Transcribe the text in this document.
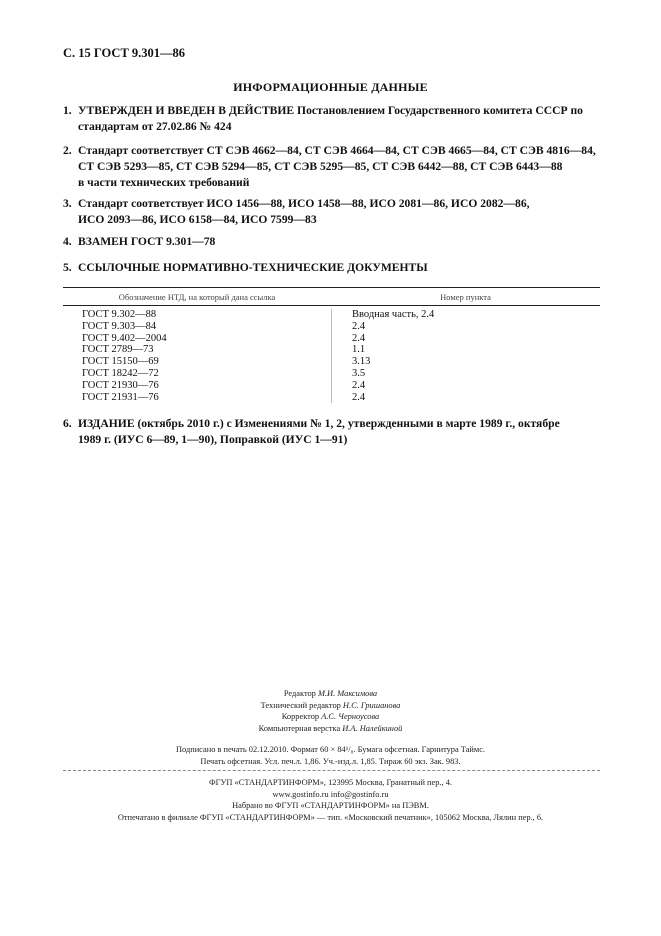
С. 15 ГОСТ 9.301—86
ИНФОРМАЦИОННЫЕ ДАННЫЕ
1. УТВЕРЖДЕН И ВВЕДЕН В ДЕЙСТВИЕ Постановлением Государственного комитета СССР по
стандартам от 27.02.86 № 424
2. Стандарт соответствует СТ СЭВ 4662—84, СТ СЭВ 4664—84, СТ СЭВ 4665—84, СТ СЭВ 4816—84,
СТ СЭВ 5293—85, СТ СЭВ 5294—85, СТ СЭВ 5295—85, СТ СЭВ 6442—88, СТ СЭВ 6443—88
в части технических требований
3. Стандарт соответствует ИСО 1456—88, ИСО 1458—88, ИСО 2081—86, ИСО 2082—86,
ИСО 2093—86, ИСО 6158—84, ИСО 7599—83
4. ВЗАМЕН ГОСТ 9.301—78
5. ССЫЛОЧНЫЕ НОРМАТИВНО-ТЕХНИЧЕСКИЕ ДОКУМЕНТЫ
Обозначение НТД, на который дана ссылка	Номер пункта
ГОСТ 9.302—88
ГОСТ 9.303—84
ГОСТ 9.402—2004
ГОСТ 2789—73
ГОСТ 15150—69
ГОСТ 18242—72
ГОСТ 21930—76
ГОСТ 21931—76
Вводная часть, 2.4
2.4
2.4
1.1
3.13
3.5
2.4
2.4
6. ИЗДАНИЕ (октябрь 2010 г.) с Изменениями № 1, 2, утвержденными в марте 1989 г., октябре
1989 г. (ИУС 6—89, 1—90), Поправкой (ИУС 1—91)
Редактор М.И. Максимова
Технический редактор Н.С. Гришанова
Корректор А.С. Черноусова
Компьютерная верстка И.А. Налейкиной
Подписано в печать 02.12.2010. Формат 60 × 84¹/₈. Бумага офсетная. Гарнитура Таймс.
Печать офсетная. Усл. печ.л. 1,86. Уч.-изд.л. 1,85. Тираж 60 экз. Зак. 983.
ФГУП «СТАНДАРТИНФОРМ», 123995 Москва, Гранатный пер., 4.
www.gostinfo.ru info@gostinfo.ru
Набрано во ФГУП «СТАНДАРТИНФОРМ» на ПЭВМ.
Отпечатано в филиале ФГУП «СТАНДАРТИНФОРМ» — тип. «Московский печатник», 105062 Москва, Лялин пер., 6.
